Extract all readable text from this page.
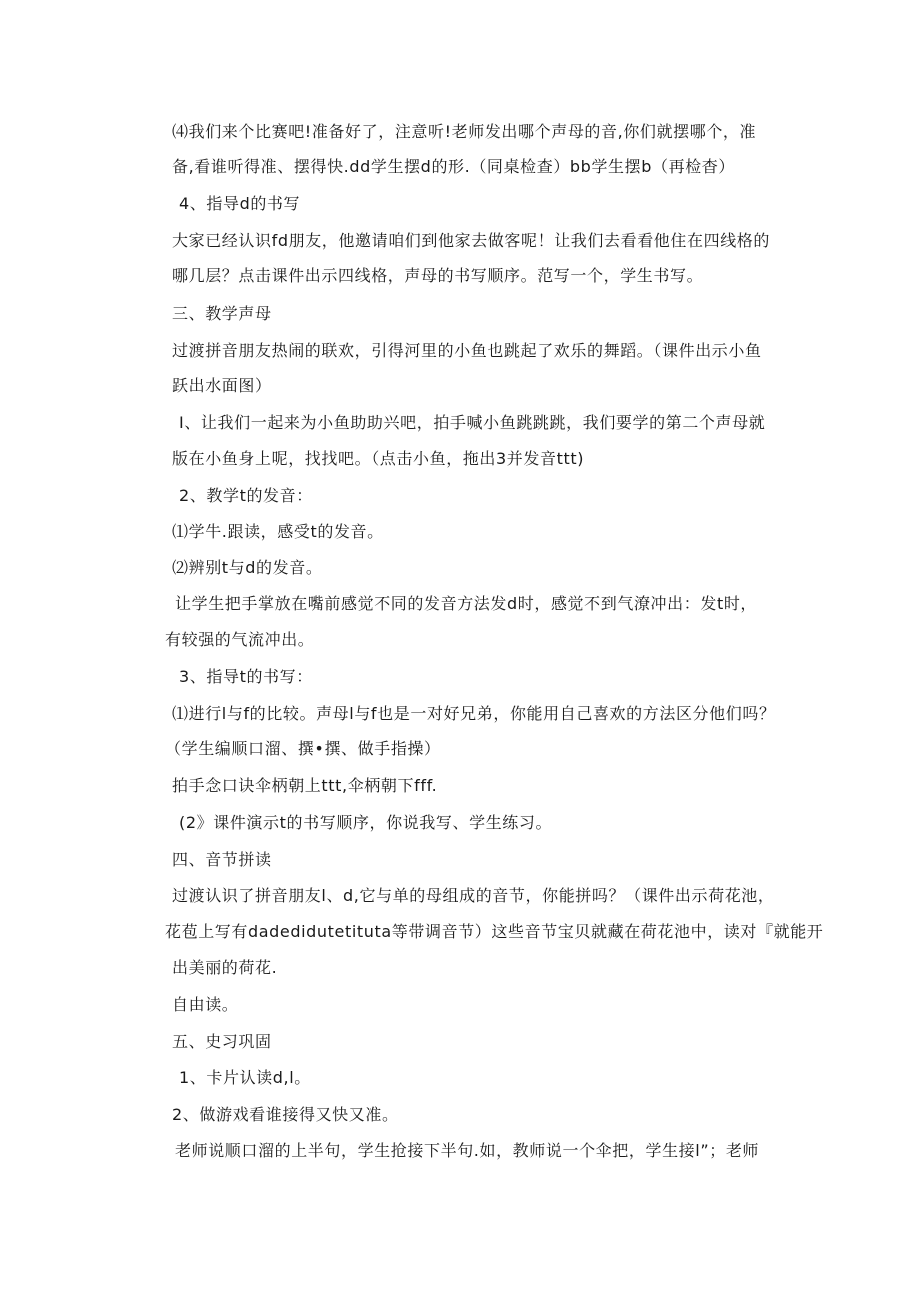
⑷我们来个比赛吧!准备好了，注意听!老师发出哪个声母的音,你们就摆哪个，准
备,看谁听得准、摆得快.dd学生摆d的形.（同桌检查）bb学生摆b（再检杳）
4、指导d的书写
大家已经认识fd朋友，他邀请咱们到他家去做客呢！让我们去看看他住在四线格的
哪几层？点击课件出示四线格，声母的书写顺序。范写一个，学生书写。
三、教学声母
过渡拼音朋友热闹的联欢，引得河里的小鱼也跳起了欢乐的舞蹈。（课件出示小鱼
跃出水面图）
I、让我们一起来为小鱼助助兴吧，拍手喊小鱼跳跳跳，我们要学的第二个声母就
版在小鱼身上呢，找找吧。（点击小鱼，拖出3并发音ttt)
2、教学t的发音：
⑴学牛.跟读，感受t的发音。
⑵辨别t与d的发音。
让学生把手掌放在嘴前感觉不同的发音方法发d时，感觉不到气潦冲出：发t时，
有较强的气流冲出。
3、指导t的书写：
⑴进行l与f的比较。声母l与f也是一对好兄弟，你能用自己喜欢的方法区分他们吗？
（学生编顺口溜、撰•撰、做手指操）
拍手念口诀伞柄朝上ttt,伞柄朝下fff.
(2》课件演示t的书写顺序，你说我写、学生练习。
四、音节拼读
过渡认识了拼音朋友l、d,它与单的母组成的音节，你能拼吗？（课件出示荷花池，
花苞上写有dadedidutetituta等带调音节）这些音节宝贝就藏在荷花池中，读对『就能开
出美丽的荷花.
自由读。
五、史习巩固
1、卡片认读d,l。
2、做游戏看谁接得又快又准。
老师说顺口溜的上半句，学生抢接下半句.如，教师说一个伞把，学生接l”；老师
